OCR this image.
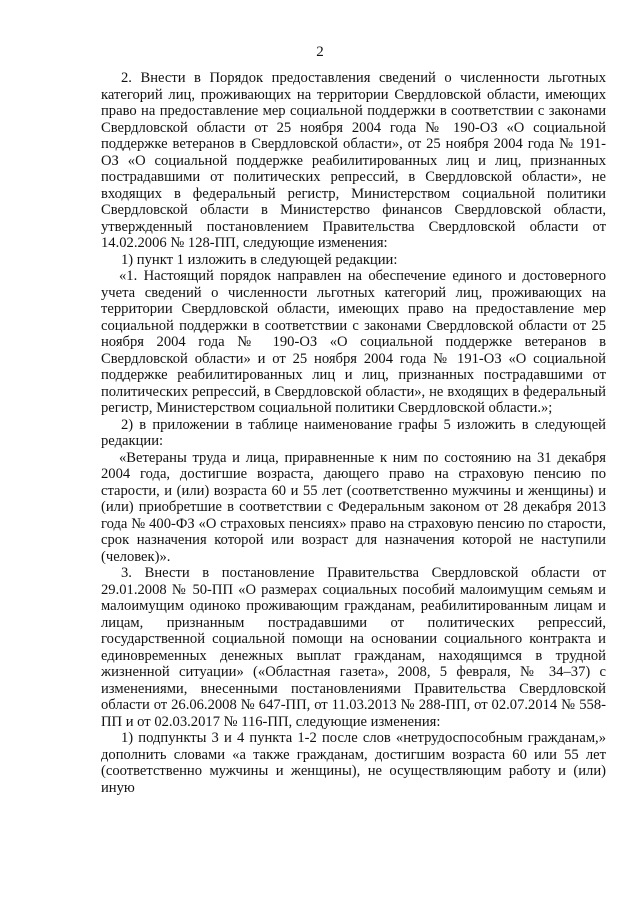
2

2. Внести в Порядок предоставления сведений о численности льготных категорий лиц, проживающих на территории Свердловской области, имеющих право на предоставление мер социальной поддержки в соответствии с законами Свердловской области от 25 ноября 2004 года № 190-ОЗ «О социальной поддержке ветеранов в Свердловской области», от 25 ноября 2004 года № 191-ОЗ «О социальной поддержке реабилитированных лиц и лиц, признанных пострадавшими от политических репрессий, в Свердловской области», не входящих в федеральный регистр, Министерством социальной политики Свердловской области в Министерство финансов Свердловской области, утвержденный постановлением Правительства Свердловской области от 14.02.2006 № 128-ПП, следующие изменения:

1) пункт 1 изложить в следующей редакции:

«1. Настоящий порядок направлен на обеспечение единого и достоверного учета сведений о численности льготных категорий лиц, проживающих на территории Свердловской области, имеющих право на предоставление мер социальной поддержки в соответствии с законами Свердловской области от 25 ноября 2004 года № 190-ОЗ «О социальной поддержке ветеранов в Свердловской области» и от 25 ноября 2004 года № 191-ОЗ «О социальной поддержке реабилитированных лиц и лиц, признанных пострадавшими от политических репрессий, в Свердловской области», не входящих в федеральный регистр, Министерством социальной политики Свердловской области.»;

2) в приложении в таблице наименование графы 5 изложить в следующей редакции:

«Ветераны труда и лица, приравненные к ним по состоянию на 31 декабря 2004 года, достигшие возраста, дающего право на страховую пенсию по старости, и (или) возраста 60 и 55 лет (соответственно мужчины и женщины) и (или) приобретшие в соответствии с Федеральным законом от 28 декабря 2013 года № 400-ФЗ «О страховых пенсиях» право на страховую пенсию по старости, срок назначения которой или возраст для назначения которой не наступили (человек)».

3. Внести в постановление Правительства Свердловской области от 29.01.2008 № 50-ПП «О размерах социальных пособий малоимущим семьям и малоимущим одиноко проживающим гражданам, реабилитированным лицам и лицам, признанным пострадавшими от политических репрессий, государственной социальной помощи на основании социального контракта и единовременных денежных выплат гражданам, находящимся в трудной жизненной ситуации» («Областная газета», 2008, 5 февраля, № 34–37) с изменениями, внесенными постановлениями Правительства Свердловской области от 26.06.2008 № 647-ПП, от 11.03.2013 № 288-ПП, от 02.07.2014 № 558-ПП и от 02.03.2017 № 116-ПП, следующие изменения:

1) подпункты 3 и 4 пункта 1-2 после слов «нетрудоспособным гражданам,» дополнить словами «а также гражданам, достигшим возраста 60 или 55 лет (соответственно мужчины и женщины), не осуществляющим работу и (или) иную
